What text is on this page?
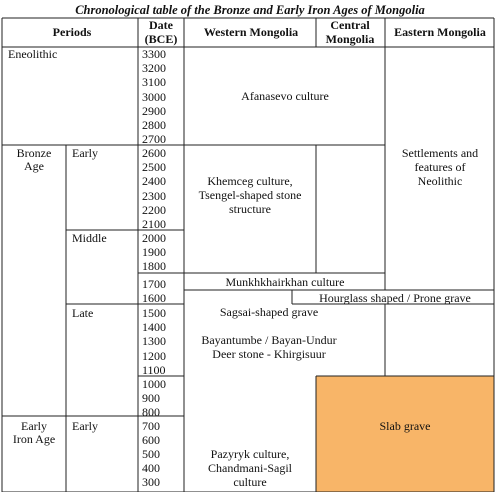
Chronological table of the Bronze and Early Iron Ages of Mongolia
Periods	Date
(BCE) Western Mongolia	Central
Mongolia Eastern Mongolia
Eneolithic
Bronze
Age
Early
Iron Age
Early
Middle
Late
Early
3300
3200
3100
3000
2900
2800
2700
2600
2500
2400
2300
2200
2100
2000
1900
1800
1700
1600
1500
1400
1300
1200
1100
1000
900
800
700
600
500
400
300
Afanasevo culture
Khemceg culture,
Tsengel-shaped stone
structure
Munkhkhairkhan culture
Hourglass shaped / Prone grave
Sagsai-shaped grave
Bayantumbe / Bayan-Undur
Deer stone - Khirgisuur
Pazyryk culture,
Chandmani-Sagil
culture
Settlements and
features of
Neolithic
Slab grave
